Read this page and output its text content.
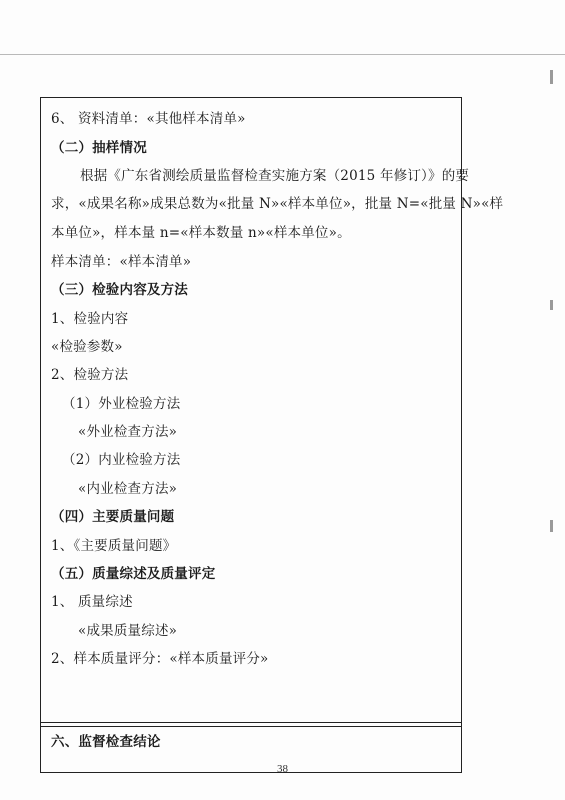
6、 资料清单：«其他样本清单»
（二）抽样情况
根据《广东省测绘质量监督检查实施方案（2015 年修订）》的要
求，«成果名称»成果总数为«批量 N»«样本单位»，批量 N=«批量 N»«样
本单位»，样本量 n=«样本数量 n»«样本单位»。
样本清单：«样本清单»
（三）检验内容及方法
1、检验内容
«检验参数»
2、检验方法
（1）外业检验方法
«外业检查方法»
（2）内业检验方法
«内业检查方法»
（四）主要质量问题
1、《主要质量问题》
（五）质量综述及质量评定
1、 质量综述
«成果质量综述»
2、样本质量评分：«样本质量评分»
六、监督检查结论
38
